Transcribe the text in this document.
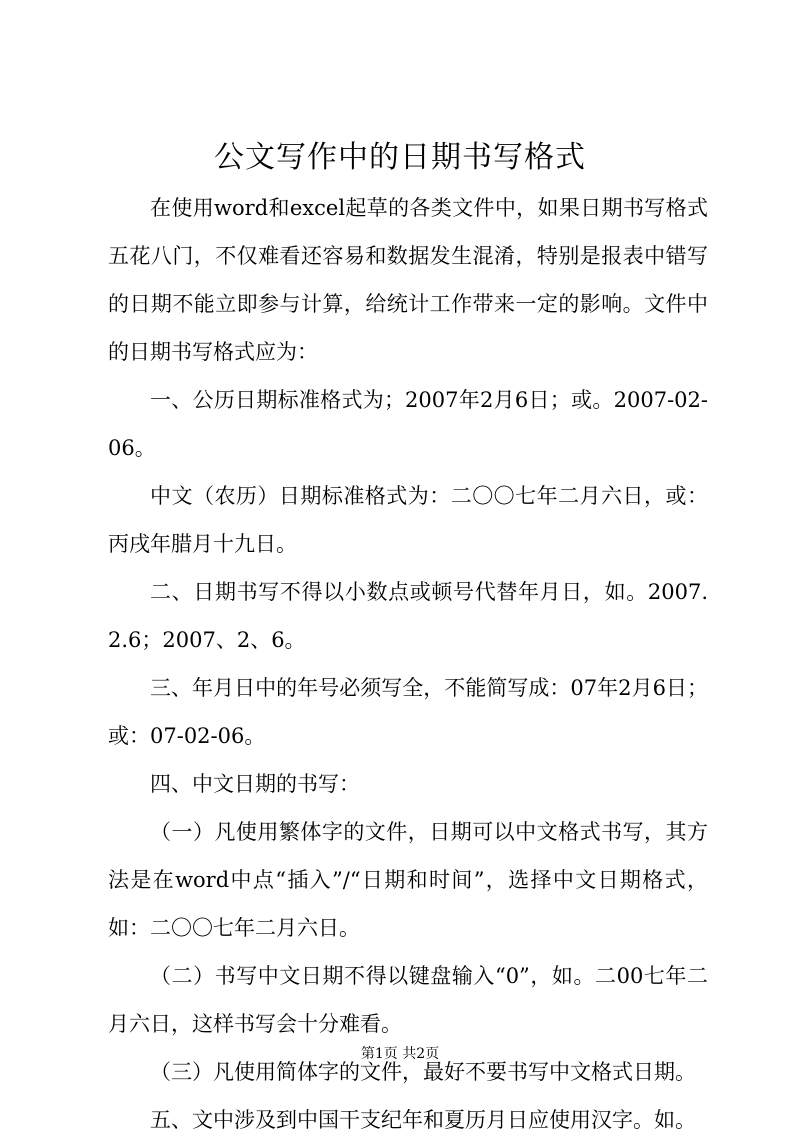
公文写作中的日期书写格式

在使用word和excel起草的各类文件中，如果日期书写格式五花八门，不仅难看还容易和数据发生混淆，特别是报表中错写的日期不能立即参与计算，给统计工作带来一定的影响。文件中的日期书写格式应为：

一、公历日期标准格式为；2007年2月6日；或。2007-02-06。

中文（农历）日期标准格式为：二〇〇七年二月六日，或：丙戌年腊月十九日。

二、日期书写不得以小数点或顿号代替年月日，如。2007.2.6；2007、2、6。

三、年月日中的年号必须写全，不能简写成：07年2月6日；或：07-02-06。

四、中文日期的书写：

（一）凡使用繁体字的文件，日期可以中文格式书写，其方法是在word中点“插入”/“日期和时间”，选择中文日期格式，如：二〇〇七年二月六日。

（二）书写中文日期不得以键盘输入“0”，如。二00七年二月六日，这样书写会十分难看。

（三）凡使用简体字的文件，最好不要书写中文格式日期。

五、文中涉及到中国干支纪年和夏历月日应使用汉字。如。

第1页 共2页
